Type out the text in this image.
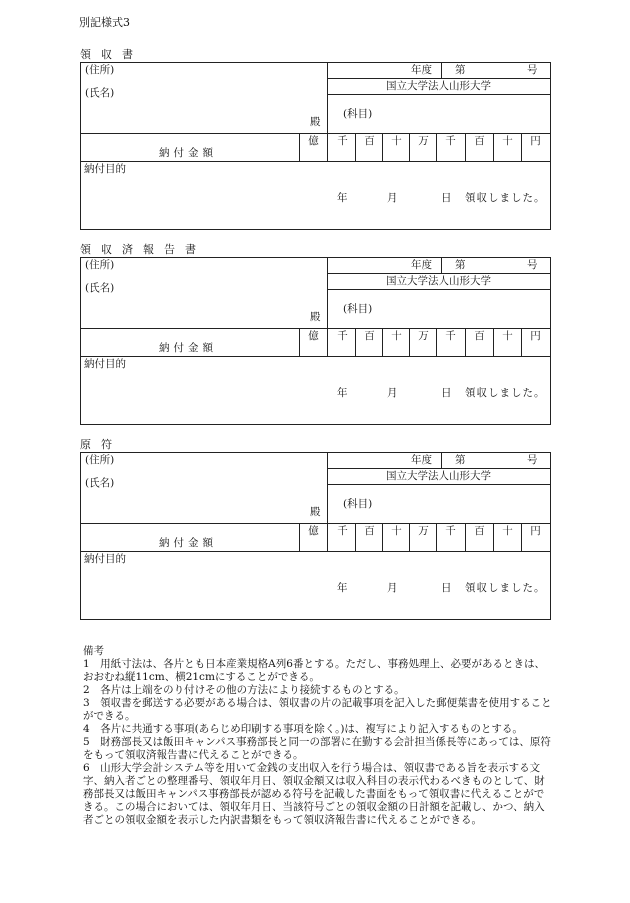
別記様式3
領収書
(住所)
(氏名)
殿
年度 第	号
国立大学法人山形大学
(科目)
納付金額
億	千	百	十	万	千	百	十	円
納付目的
年	月	日 領収しました。
領収済報告書
(住所)
(氏名)
殿
年度 第	号
国立大学法人山形大学
(科目)
納付金額
億	千	百	十	万	千	百	十	円
納付目的
年	月	日 領収しました。
原符
(住所)
(氏名)
殿
年度 第	号
国立大学法人山形大学
(科目)
納付金額
億	千	百	十	万	千	百	十	円
納付目的
年	月	日 領収しました。
備考
1　用紙寸法は、各片とも日本産業規格A列6番とする。ただし、事務処理上、必要があるときは、おおむね縦11cm、横21cmにすることができる。
2　各片は上端をのり付けその他の方法により接続するものとする。
3　領収書を郵送する必要がある場合は、領収書の片の記載事項を記入した郵便葉書を使用することができる。
4　各片に共通する事項(あらじめ印刷する事項を除く。)は、複写により記入するものとする。
5　財務部長又は飯田キャンパス事務部長と同一の部署に在勤する会計担当係長等にあっては、原符をもって領収済報告書に代えることができる。
6　山形大学会計システム等を用いて金銭の支出収入を行う場合は、領収書である旨を表示する文字、納入者ごとの整理番号、領収年月日、領収金額又は収入科目の表示代わるべきものとして、財務部長又は飯田キャンパス事務部長が認める符号を記載した書面をもって領収書に代えることができる。この場合においては、領収年月日、当該符号ごとの領収金額の日計額を記載し、かつ、納入者ごとの領収金額を表示した内訳書類をもって領収済報告書に代えることができる。
